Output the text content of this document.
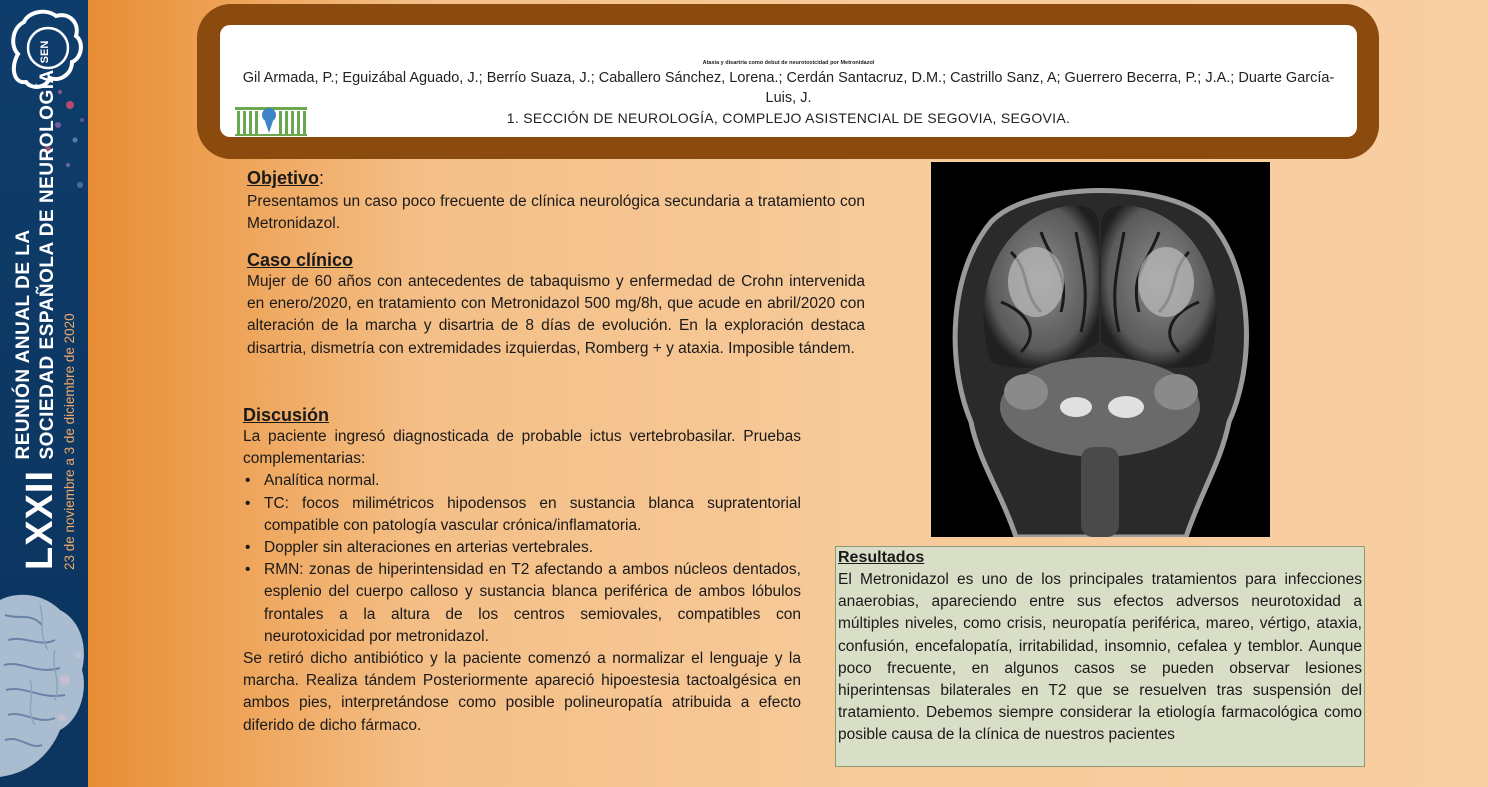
SEN
LXXII
REUNIÓN ANUAL DE LA SOCIEDAD ESPAÑOLA DE NEUROLOGÍA 23 de noviembre a 3 de diciembre de 2020
Ataxia y disartria como debut de neurotoxicidad por Metronidazol
Gil Armada, P.; Eguizábal Aguado, J.; Berrío Suaza, J.; Caballero Sánchez, Lorena.; Cerdán Santacruz, D.M.; Castrillo Sanz, A; Guerrero Becerra, P.; J.A.; Duarte García-Luis, J.
1. SECCIÓN DE NEUROLOGÍA, COMPLEJO ASISTENCIAL DE SEGOVIA, SEGOVIA.
Objetivo:

Presentamos un caso poco frecuente de clínica neurológica secundaria a tratamiento con Metronidazol.

Caso clínico

Mujer de 60 años con antecedentes de tabaquismo y enfermedad de Crohn intervenida en enero/2020, en tratamiento con Metronidazol 500 mg/8h, que acude en abril/2020 con alteración de la marcha y disartria de 8 días de evolución. En la exploración destaca disartria, dismetría con extremidades izquierdas, Romberg + y ataxia. Imposible tándem.

Discusión

La paciente ingresó diagnosticada de probable ictus vertebrobasilar. Pruebas complementarias:

• Analítica normal.
• TC: focos milimétricos hipodensos en sustancia blanca supratentorial compatible con patología vascular crónica/inflamatoria.
• Doppler sin alteraciones en arterias vertebrales.
• RMN: zonas de hiperintensidad en T2 afectando a ambos núcleos dentados, esplenio del cuerpo calloso y sustancia blanca periférica de ambos lóbulos frontales a la altura de los centros semiovales, compatibles con neurotoxicidad por metronidazol.

Se retiró dicho antibiótico y la paciente comenzó a normalizar el lenguaje y la marcha. Realiza tándem Posteriormente apareció hipoestesia tactoalgésica en ambos pies, interpretándose como posible polineuropatía atribuida a efecto diferido de dicho fármaco.

Resultados

El Metronidazol es uno de los principales tratamientos para infecciones anaerobias, apareciendo entre sus efectos adversos neurotoxidad a múltiples niveles, como crisis, neuropatía periférica, mareo, vértigo, ataxia, confusión, encefalopatía, irritabilidad, insomnio, cefalea y temblor. Aunque poco frecuente, en algunos casos se pueden observar lesiones hiperintensas bilaterales en T2 que se resuelven tras suspensión del tratamiento. Debemos siempre considerar la etiología farmacológica como posible causa de la clínica de nuestros pacientes
